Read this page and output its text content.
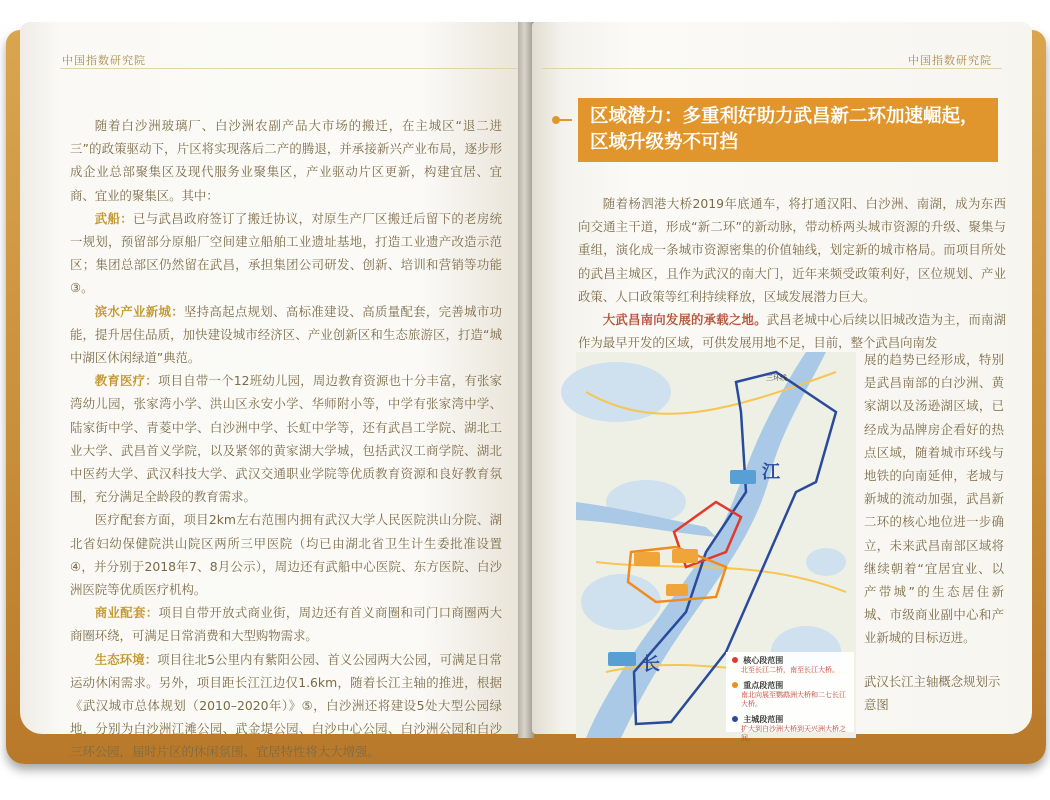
中国指数研究院

随着白沙洲玻璃厂、白沙洲农副产品大市场的搬迁，在主城区“退二进三”的政策驱动下，片区将实现落后二产的腾退，并承接新兴产业布局，逐步形成企业总部聚集区及现代服务业聚集区，产业驱动片区更新，构建宜居、宜商、宜业的聚集区。其中：

武船：已与武昌政府签订了搬迁协议，对原生产厂区搬迁后留下的老房统一规划，预留部分原船厂空间建立船舶工业遗址基地，打造工业遗产改造示范区；集团总部区仍然留在武昌，承担集团公司研发、创新、培训和营销等功能③。

滨水产业新城：坚持高起点规划、高标准建设、高质量配套，完善城市功能，提升居住品质，加快建设城市经济区、产业创新区和生态旅游区，打造“城中湖区休闲绿道”典范。

教育医疗：项目自带一个12班幼儿园，周边教育资源也十分丰富，有张家湾幼儿园，张家湾小学、洪山区永安小学、华师附小等，中学有张家湾中学、陆家街中学、青菱中学、白沙洲中学、长虹中学等，还有武昌工学院、湖北工业大学、武昌首义学院，以及紧邻的黄家湖大学城，包括武汉工商学院、湖北中医药大学、武汉科技大学、武汉交通职业学院等优质教育资源和良好教育氛围，充分满足全龄段的教育需求。

医疗配套方面，项目2km左右范围内拥有武汉大学人民医院洪山分院、湖北省妇幼保健院洪山院区两所三甲医院（均已由湖北省卫生计生委批准设置④，并分别于2018年7、8月公示），周边还有武船中心医院、东方医院、白沙洲医院等优质医疗机构。

商业配套：项目自带开放式商业街，周边还有首义商圈和司门口商圈两大商圈环绕，可满足日常消费和大型购物需求。

生态环境：项目往北5公里内有紫阳公园、首义公园两大公园，可满足日常运动休闲需求。另外，项目距长江江边仅1.6km，随着长江主轴的推进，根据《武汉城市总体规划（2010–2020年）》⑤，白沙洲还将建设5处大型公园绿地，分别为白沙洲江滩公园、武金堤公园、白沙中心公园、白沙洲公园和白沙三环公园，届时片区的休闲氛围、宜居特性将大大增强。

中国指数研究院
区域潜力：多重利好助力武昌新二环加速崛起，区域升级势不可挡

随着杨泗港大桥2019年底通车，将打通汉阳、白沙洲、南湖，成为东西向交通主干道，形成“新二环”的新动脉，带动桥两头城市资源的升级、聚集与重组，演化成一条城市资源密集的价值轴线，划定新的城市格局。而项目所处的武昌主城区，且作为武汉的南大门，近年来频受政策利好，区位规划、产业政策、人口政策等红利持续释放，区域发展潜力巨大。

大武昌南向发展的承载之地。武昌老城中心后续以旧城改造为主，而南湖作为最早开发的区域，可供发展用地不足，目前，整个武昌向南发

三环线
江
长	核心段范围
北至长江二桥，南至长江大桥。
重点段范围
南北向展至鹦鹉洲大桥和二七长江大桥。
主城段范围
扩大到白沙洲大桥到天兴洲大桥之间。
展的趋势已经形成，特别是武昌南部的白沙洲、黄家湖以及汤逊湖区域，已经成为品牌房企看好的热点区域，随着城市环线与地铁的向南延伸，老城与新城的流动加强，武昌新二环的核心地位进一步确立，未来武昌南部区域将继续朝着“宜居宜业、以产带城”的生态居住新城、市级商业副中心和产业新城的目标迈进。
武汉长江主轴概念规划示意图
